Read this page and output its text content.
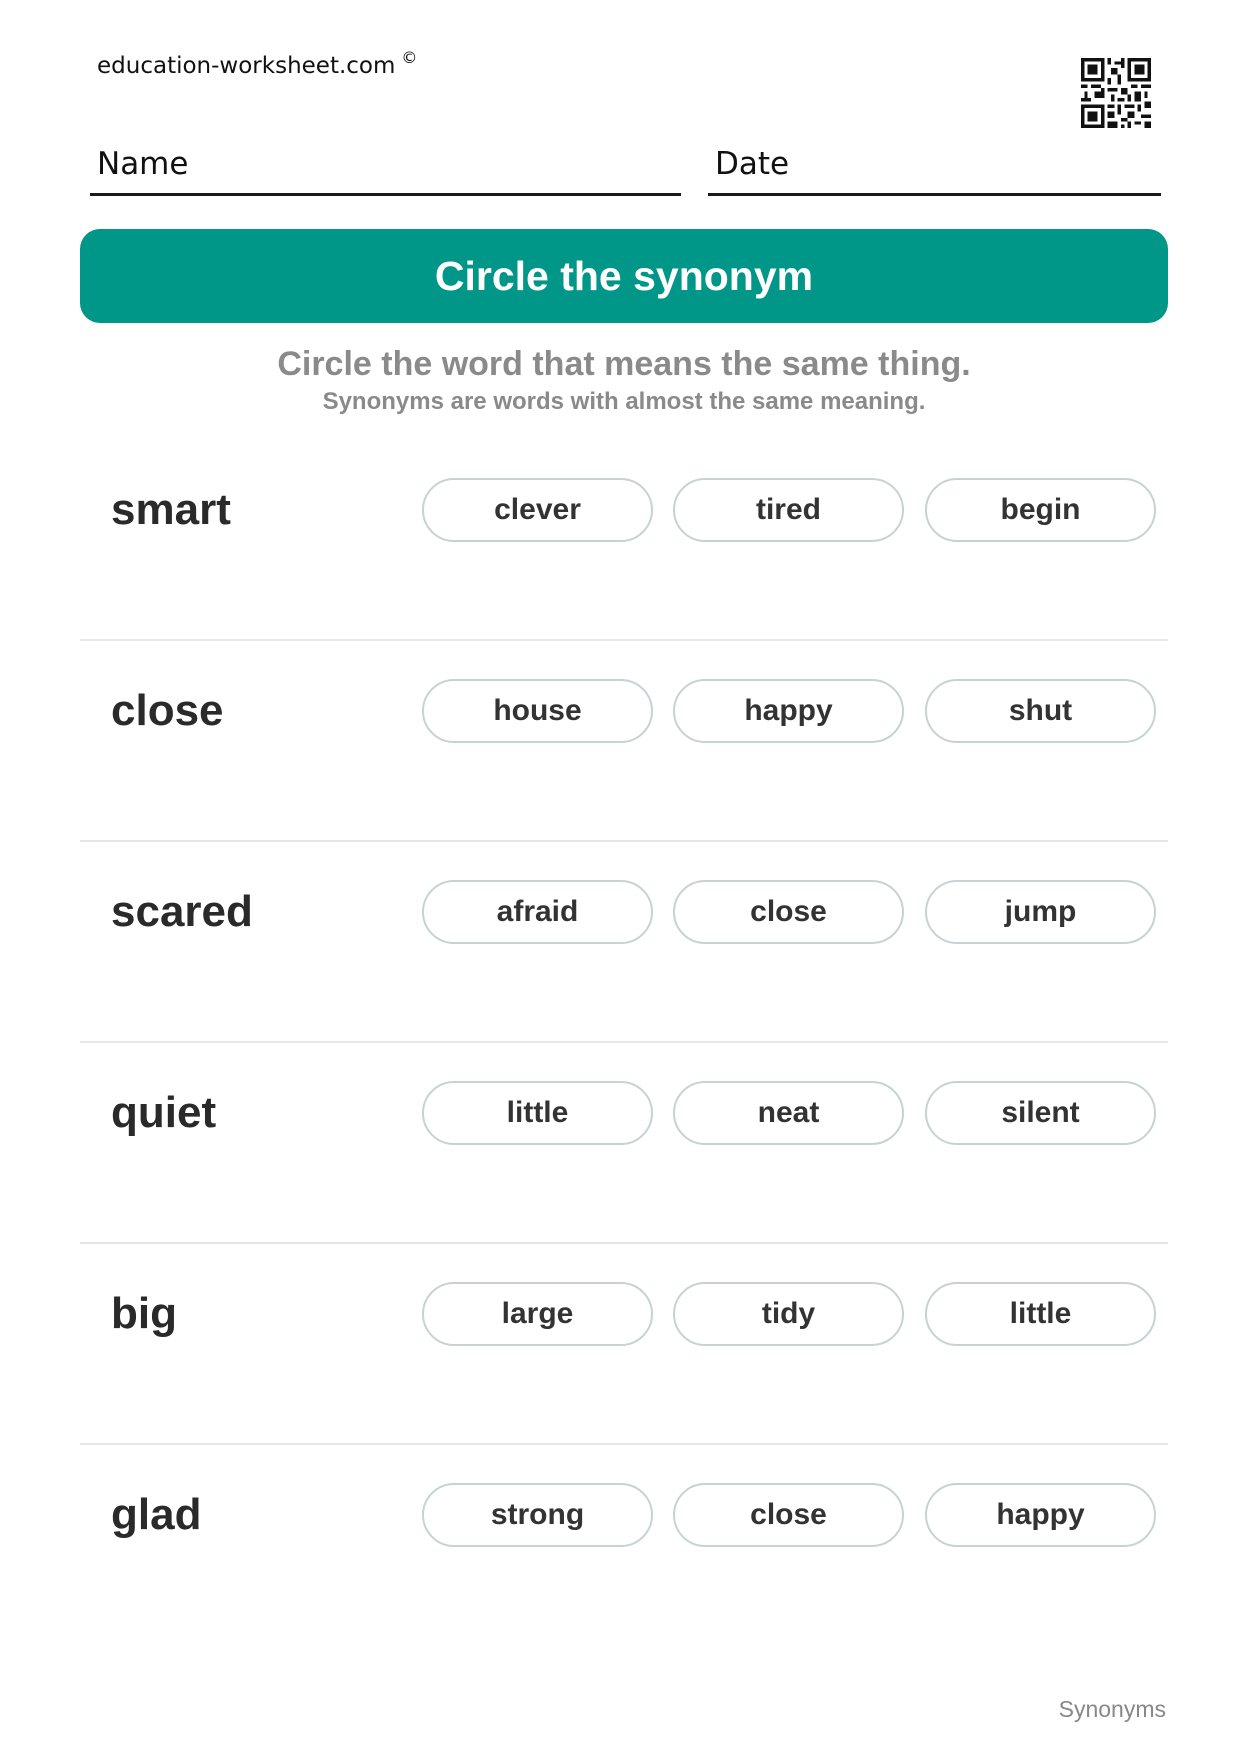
education-worksheet.com ©
Name	Date
Circle the synonym
Circle the word that means the same thing.
Synonyms are words with almost the same meaning.
smart	clever	tired	begin
close	house	happy	shut
scared	afraid	close	jump
quiet	little	neat	silent
big	large	tidy	little
glad	strong	close	happy
Synonyms
